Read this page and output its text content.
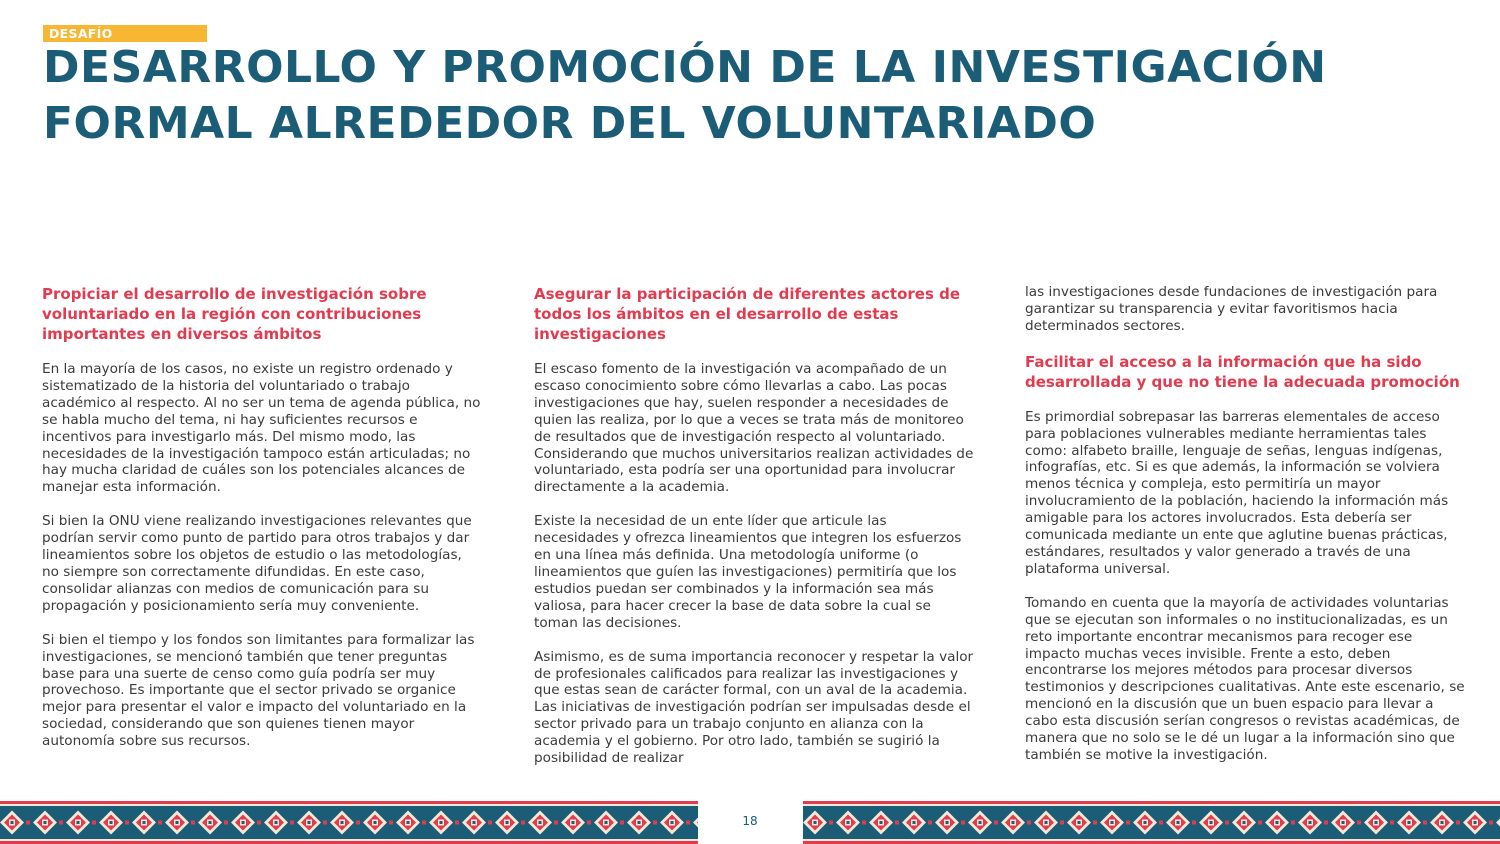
DESAFÍO
DESARROLLO Y PROMOCIÓN DE LA INVESTIGACIÓN
FORMAL ALREDEDOR DEL VOLUNTARIADO

Propiciar el desarrollo de investigación sobre voluntariado en la región con contribuciones importantes en diversos ámbitos

En la mayoría de los casos, no existe un registro ordenado y sistematizado de la historia del voluntariado o trabajo académico al respecto. Al no ser un tema de agenda pública, no se habla mucho del tema, ni hay suficientes recursos e incentivos para investigarlo más. Del mismo modo, las necesidades de la investigación tampoco están articuladas; no hay mucha claridad de cuáles son los potenciales alcances de manejar esta información.

Si bien la ONU viene realizando investigaciones relevantes que podrían servir como punto de partido para otros trabajos y dar lineamientos sobre los objetos de estudio o las metodologías, no siempre son correctamente difundidas. En este caso, consolidar alianzas con medios de comunicación para su propagación y posicionamiento sería muy conveniente.

Si bien el tiempo y los fondos son limitantes para formalizar las investigaciones, se mencionó también que tener preguntas base para una suerte de censo como guía podría ser muy provechoso. Es importante que el sector privado se organice mejor para presentar el valor e impacto del voluntariado en la sociedad, considerando que son quienes tienen mayor autonomía sobre sus recursos.

Asegurar la participación de diferentes actores de todos los ámbitos en el desarrollo de estas investigaciones

El escaso fomento de la investigación va acompañado de un escaso conocimiento sobre cómo llevarlas a cabo. Las pocas investigaciones que hay, suelen responder a necesidades de quien las realiza, por lo que a veces se trata más de monitoreo de resultados que de investigación respecto al voluntariado. Considerando que muchos universitarios realizan actividades de voluntariado, esta podría ser una oportunidad para involucrar directamente a la academia.

Existe la necesidad de un ente líder que articule las necesidades y ofrezca lineamientos que integren los esfuerzos en una línea más definida. Una metodología uniforme (o lineamientos que guíen las investigaciones) permitiría que los estudios puedan ser combinados y la información sea más valiosa, para hacer crecer la base de data sobre la cual se toman las decisiones.

Asimismo, es de suma importancia reconocer y respetar la valor de profesionales calificados para realizar las investigaciones y que estas sean de carácter formal, con un aval de la academia. Las iniciativas de investigación podrían ser impulsadas desde el sector privado para un trabajo conjunto en alianza con la academia y el gobierno. Por otro lado, también se sugirió la posibilidad de realizar

las investigaciones desde fundaciones de investigación para garantizar su transparencia y evitar favoritismos hacia determinados sectores.

Facilitar el acceso a la información que ha sido desarrollada y que no tiene la adecuada promoción

Es primordial sobrepasar las barreras elementales de acceso para poblaciones vulnerables mediante herramientas tales como: alfabeto braille, lenguaje de señas, lenguas indígenas, infografías, etc. Si es que además, la información se volviera menos técnica y compleja, esto permitiría un mayor involucramiento de la población, haciendo la información más amigable para los actores involucrados. Esta debería ser comunicada mediante un ente que aglutine buenas prácticas, estándares, resultados y valor generado a través de una plataforma universal.

Tomando en cuenta que la mayoría de actividades voluntarias que se ejecutan son informales o no institucionalizadas, es un reto importante encontrar mecanismos para recoger ese impacto muchas veces invisible. Frente a esto, deben encontrarse los mejores métodos para procesar diversos testimonios y descripciones cualitativas. Ante este escenario, se mencionó en la discusión que un buen espacio para llevar a cabo esta discusión serían congresos o revistas académicas, de manera que no solo se le dé un lugar a la información sino que también se motive la investigación.

18
